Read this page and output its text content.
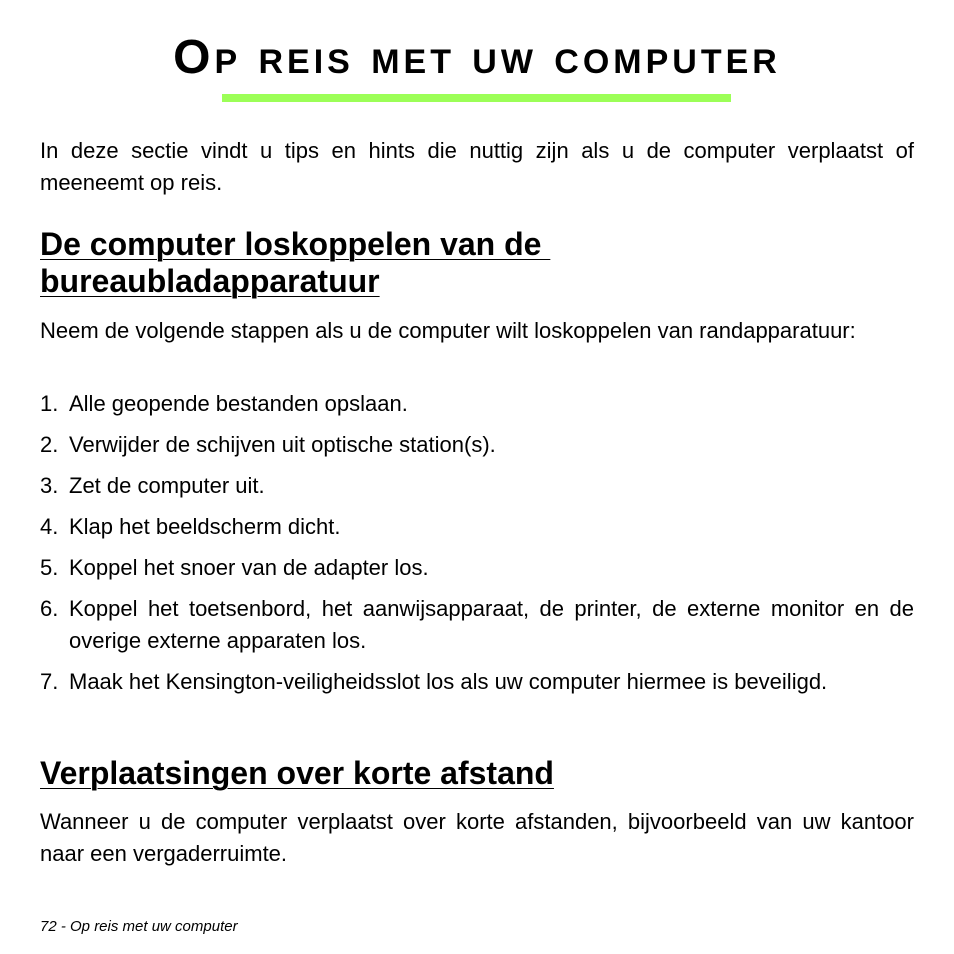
Op reis met uw computer

In deze sectie vindt u tips en hints die nuttig zijn als u de computer verplaatst of meeneemt op reis.

De computer loskoppelen van de
bureaubladapparatuur

Neem de volgende stappen als u de computer wilt loskoppelen van randapparatuur:

1. Alle geopende bestanden opslaan.
2. Verwijder de schijven uit optische station(s).
3. Zet de computer uit.
4. Klap het beeldscherm dicht.
5. Koppel het snoer van de adapter los.
6. Koppel het toetsenbord, het aanwijsapparaat, de printer, de externe monitor en de overige externe apparaten los.
7. Maak het Kensington-veiligheidsslot los als uw computer hiermee is beveiligd.
Verplaatsingen over korte afstand

Wanneer u de computer verplaatst over korte afstanden, bijvoorbeeld van uw kantoor naar een vergaderruimte.

72 - Op reis met uw computer
